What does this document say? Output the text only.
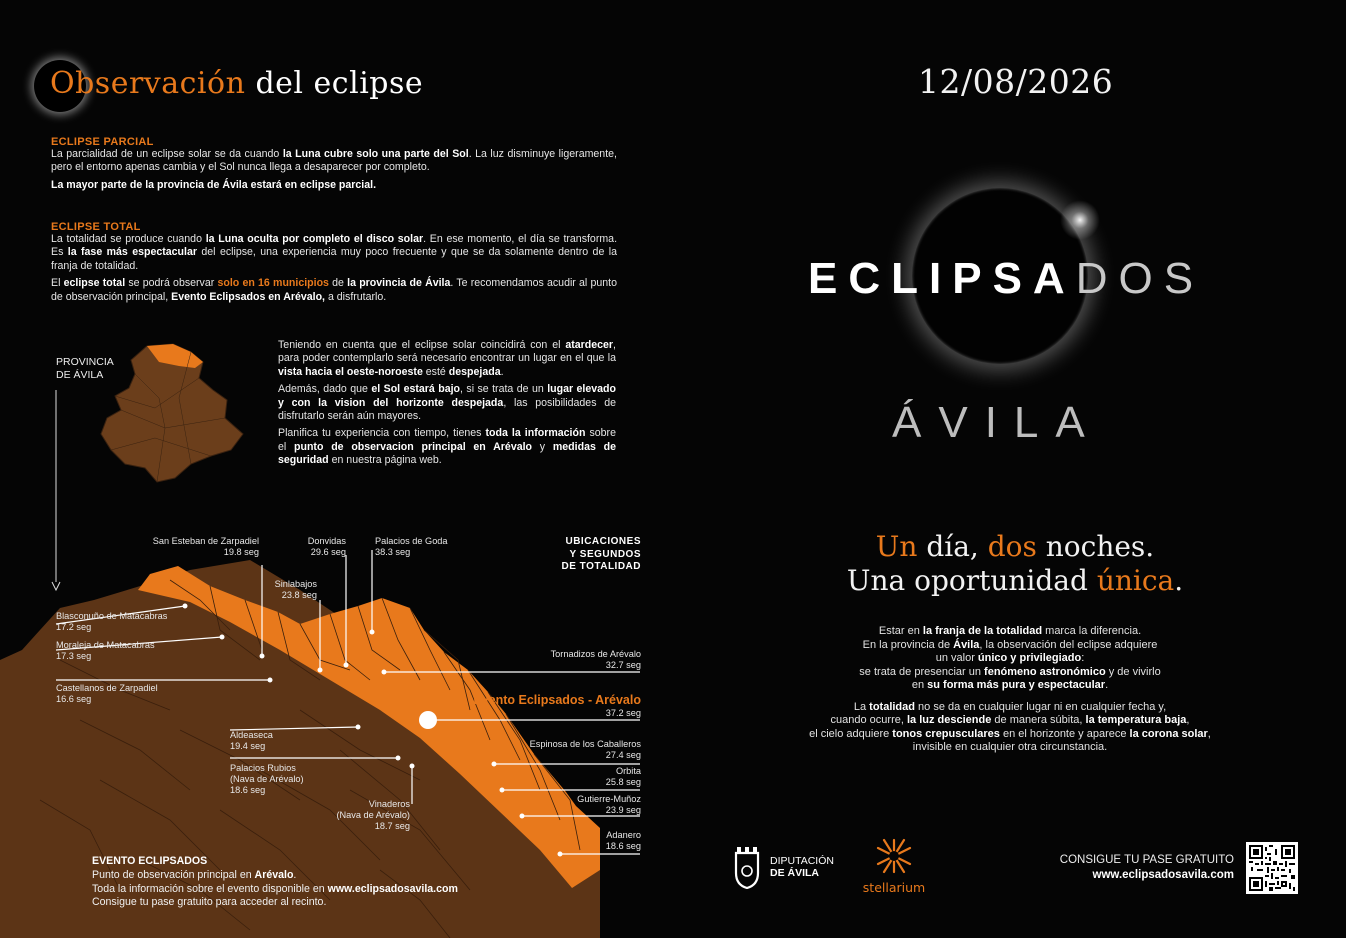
Observación del eclipse
ECLIPSE PARCIAL
La parcialidad de un eclipse solar se da cuando la Luna cubre solo una parte del Sol. La luz disminuye ligeramente, pero el entorno apenas cambia y el Sol nunca llega a desaparecer por completo.
La mayor parte de la provincia de Ávila estará en eclipse parcial.
ECLIPSE TOTAL
La totalidad se produce cuando la Luna oculta por completo el disco solar. En ese momento, el día se transforma. Es la fase más espectacular del eclipse, una experiencia muy poco frecuente y que se da solamente dentro de la franja de totalidad.
El eclipse total se podrá observar solo en 16 municipios de la provincia de Ávila. Te recomendamos acudir al punto de observación principal, Evento Eclipsados en Arévalo, a disfrutarlo.
Teniendo en cuenta que el eclipse solar coincidirá con el atardecer, para poder contemplarlo será necesario encontrar un lugar en el que la vista hacia el oeste-noroeste esté despejada.
Además, dado que el Sol estará bajo, si se trata de un lugar elevado y con la vision del horizonte despejada, las posibilidades de disfrutarlo serán aún mayores.
Planifica tu experiencia con tiempo, tienes toda la información sobre el punto de observacion principal en Arévalo y medidas de seguridad en nuestra página web.
PROVINCIA
DE ÁVILA
UBICACIONES
Y SEGUNDOS
DE TOTALIDAD
San Esteban de Zarpadiel
19.8 seg
Donvidas
29.6 seg
Palacios de Goda
38.3 seg
Sinlabajos
23.8 seg
Blasconuño de Matacabras
17.2 seg
Moraleja de Matacabras
17.3 seg
Castellanos de Zarpadiel
16.6 seg
Tornadizos de Arévalo
32.7 seg
Evento Eclipsados - Arévalo
37.2 seg
Aldeaseca
19.4 seg
Palacios Rubios
(Nava de Arévalo)
18.6 seg
Vinaderos
(Nava de Arévalo)
18.7 seg
Espinosa de los Caballeros
27.4 seg
Orbita
25.8 seg
Gutierre-Muñoz
23.9 seg
Adanero
18.6 seg
EVENTO ECLIPSADOS
Punto de observación principal en Arévalo.
Toda la información sobre el evento disponible en www.eclipsadosavila.com
Consigue tu pase gratuito para acceder al recinto.
12/08/2026
ECLIPSADOS
ÁVILA
Un día, dos noches.
Una oportunidad única.
Estar en la franja de la totalidad marca la diferencia.
En la provincia de Ávila, la observación del eclipse adquiere
un valor único y privilegiado:
se trata de presenciar un fenómeno astronómico y de vivirlo
en su forma más pura y espectacular.
La totalidad no se da en cualquier lugar ni en cualquier fecha y,
cuando ocurre, la luz desciende de manera súbita, la temperatura baja,
el cielo adquiere tonos crepusculares en el horizonte y aparece la corona solar,
invisible en cualquier otra circunstancia.
DIPUTACIÓN
DE ÁVILA
stellarium
CONSIGUE TU PASE GRATUITO
www.eclipsadosavila.com
